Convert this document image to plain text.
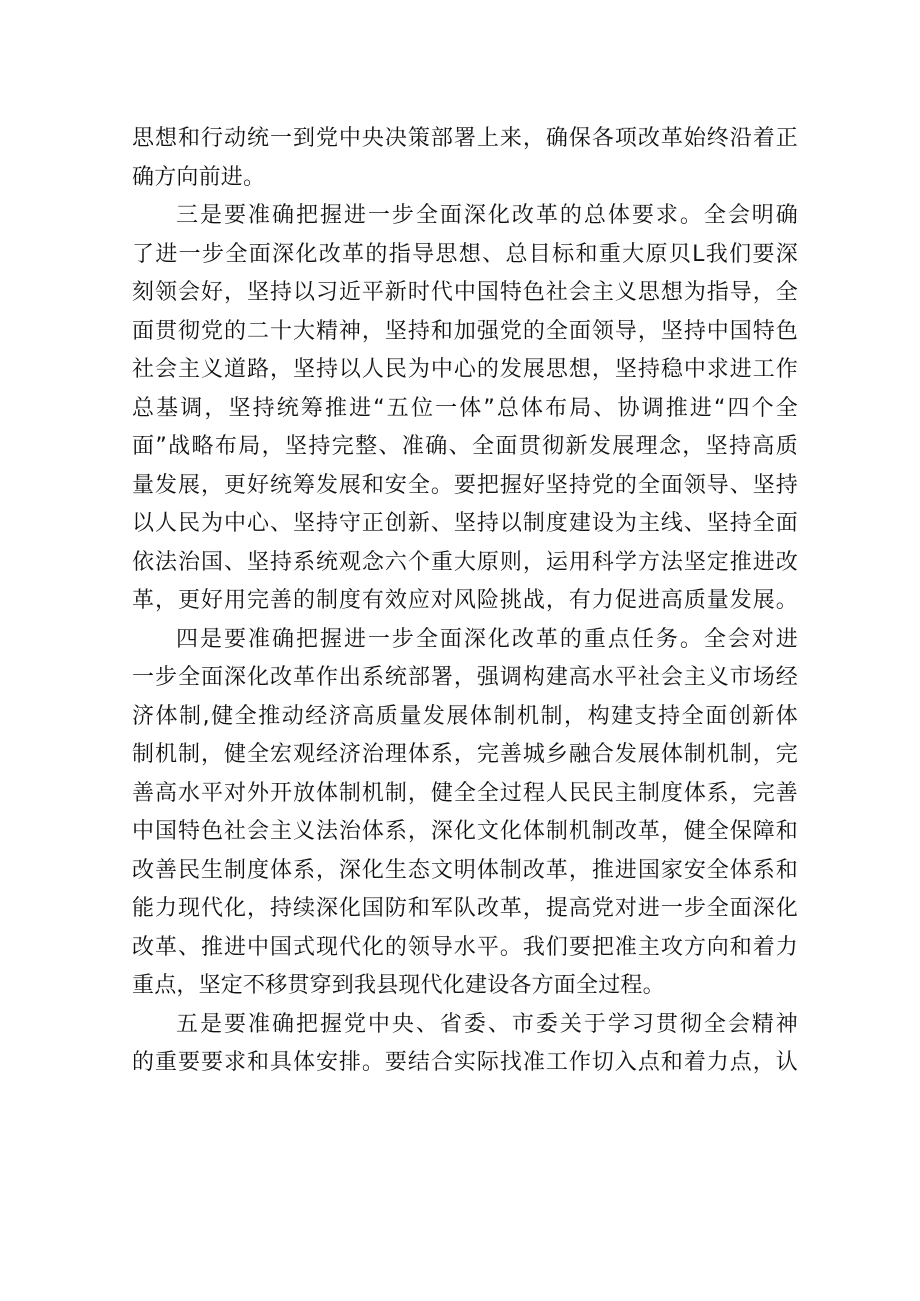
思想和行动统一到党中央决策部署上来，确保各项改革始终沿着正
确方向前进。
三是要准确把握进一步全面深化改革的总体要求。全会明确
了进一步全面深化改革的指导思想、总目标和重大原贝L我们要深
刻领会好，坚持以习近平新时代中国特色社会主义思想为指导，全
面贯彻党的二十大精神，坚持和加强党的全面领导，坚持中国特色
社会主义道路，坚持以人民为中心的发展思想，坚持稳中求进工作
总基调，坚持统筹推进“五位一体”总体布局、协调推进“四个全
面”战略布局，坚持完整、准确、全面贯彻新发展理念，坚持高质
量发展，更好统筹发展和安全。要把握好坚持党的全面领导、坚持
以人民为中心、坚持守正创新、坚持以制度建设为主线、坚持全面
依法治国、坚持系统观念六个重大原则，运用科学方法坚定推进改
革，更好用完善的制度有效应对风险挑战，有力促进高质量发展。
四是要准确把握进一步全面深化改革的重点任务。全会对进
一步全面深化改革作出系统部署，强调构建高水平社会主义市场经
济体制,健全推动经济高质量发展体制机制，构建支持全面创新体
制机制，健全宏观经济治理体系，完善城乡融合发展体制机制，完
善高水平对外开放体制机制，健全全过程人民民主制度体系，完善
中国特色社会主义法治体系，深化文化体制机制改革，健全保障和
改善民生制度体系，深化生态文明体制改革，推进国家安全体系和
能力现代化，持续深化国防和军队改革，提高党对进一步全面深化
改革、推进中国式现代化的领导水平。我们要把准主攻方向和着力
重点，坚定不移贯穿到我县现代化建设各方面全过程。
五是要准确把握党中央、省委、市委关于学习贯彻全会精神
的重要要求和具体安排。要结合实际找准工作切入点和着力点，认
